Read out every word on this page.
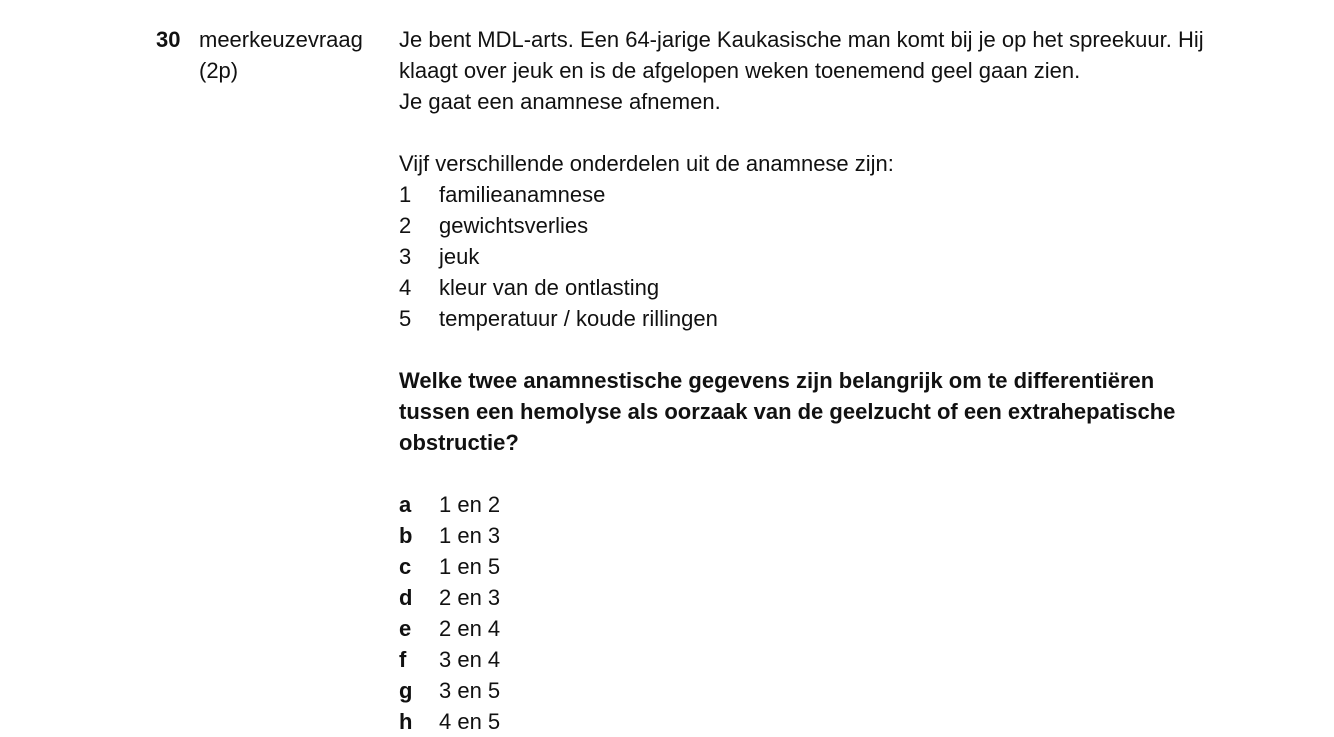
30 meerkeuzevraag
(2p)
Je bent MDL-arts. Een 64-jarige Kaukasische man komt bij je op het spreekuur. Hij
klaagt over jeuk en is de afgelopen weken toenemend geel gaan zien.
Je gaat een anamnese afnemen.
Vijf verschillende onderdelen uit de anamnese zijn:
1	familieanamnese
2	gewichtsverlies
3	jeuk
4	kleur van de ontlasting
5	temperatuur / koude rillingen
Welke twee anamnestische gegevens zijn belangrijk om te differentiëren
tussen een hemolyse als oorzaak van de geelzucht of een extrahepatische
obstructie?
a	1 en 2
b	1 en 3
c	1 en 5
d	2 en 3
e	2 en 4
f	3 en 4
g	3 en 5
h	4 en 5
